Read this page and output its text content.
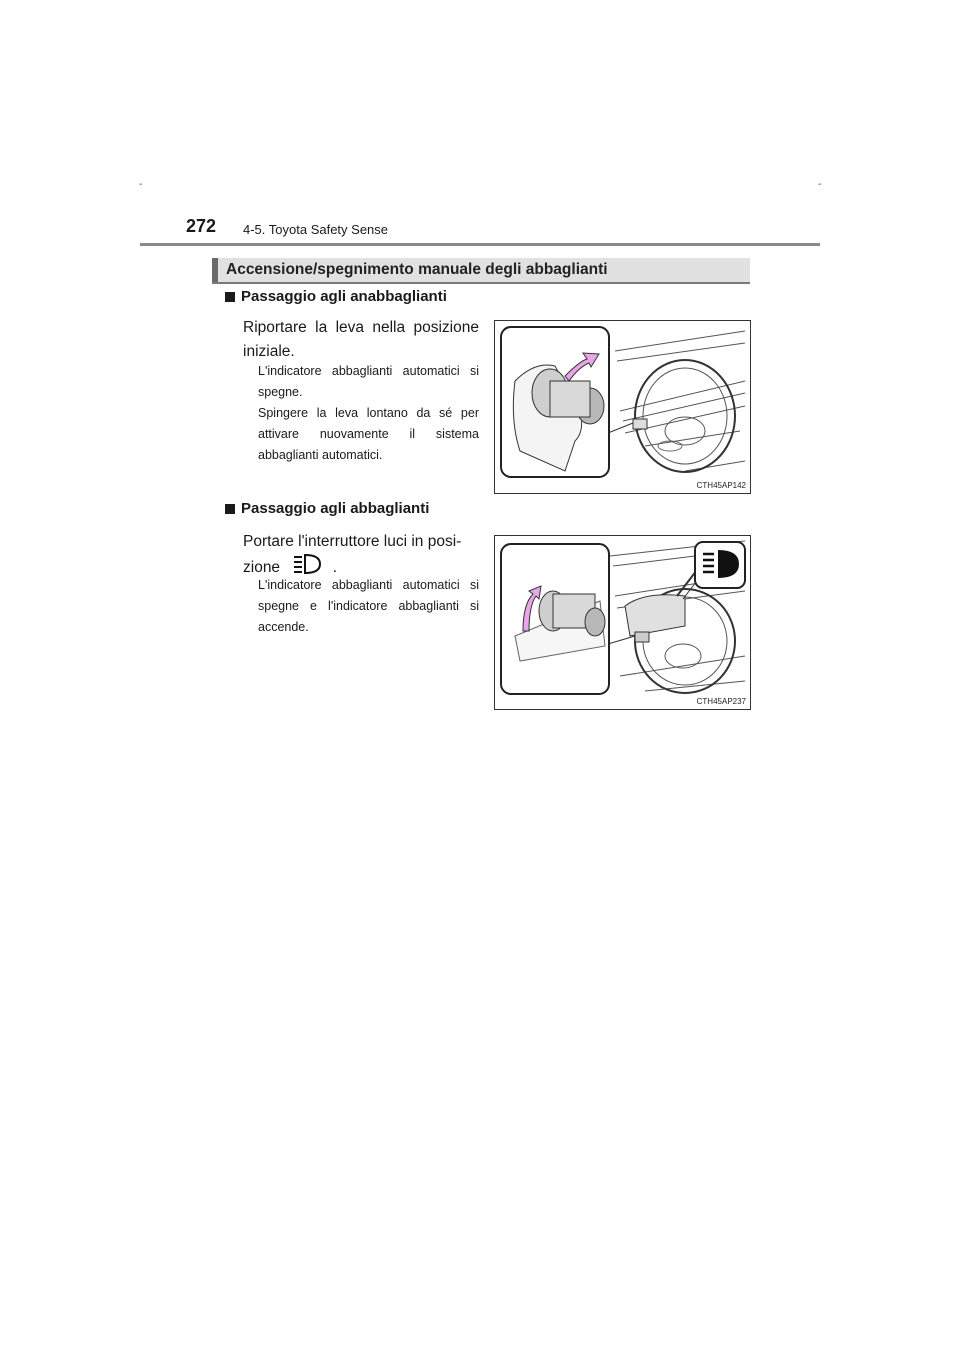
-	-
272 4-5. Toyota Safety Sense
Accensione/spegnimento manuale degli abbaglianti
Passaggio agli anabbaglianti

Riportare la leva nella posizione iniziale.

L'indicatore abbaglianti automatici si spegne.

Spingere la leva lontano da sé per attivare nuovamente il sistema abbaglianti automatici.

CTH45AP142
Passaggio agli abbaglianti

Portare l'interruttore luci in posi-
zione	.

L'indicatore abbaglianti automatici si spegne e l'indicatore abbaglianti si accende.

CTH45AP237
